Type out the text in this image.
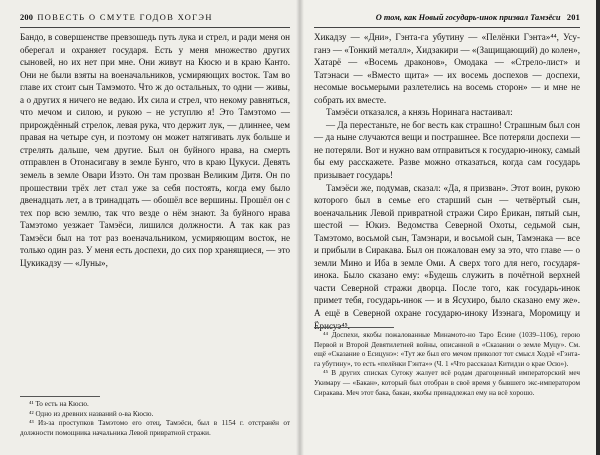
200 ПОВЕСТЬ О СМУТЕ ГОДОВ ХОГЭН

Бандо, в совершенстве превзошедь путь лука и стрел, и ради меня он оберегал и охраняет государя. Есть у меня множество других сыновей, но их нет при мне. Они живут на Кюсю и в краю Канто. Они не были взяты на военачальников, усмиряющих восток. Там во главе их стоит сын Тамэмото. Что ж до остальных, то одни — живы, а о других я ничего не ведаю. Их сила и стрел, что некому равняться, что мечом и силою, и рукою – не уступлю я! Это Тамэтомо — прирождённый стрелок, левая рука, что держит лук, — длиннее, чем правая на четыре сун, и поэтому он может натягивать лук больше и стрелять дальше, чем другие. Был он буйного нрава, на смерть отправлен в Отонасигаву в земле Бунго, что в краю Цукуси. Девять земель в земле Овари Изэто. Он там прозван Великим Дитя. Он по прошествии трёх лет стал уже за себя постоять, когда ему было двенадцать лет, а в тринадцать — обошёл все вершины. Прошёл он с тех пор всю землю, так что везде о нём знают. За буйного нрава Тамэтомо уезжает Тамэёси, лишился должности. А так как раз Тамэёси был на тот раз военачальником, усмиряющим восток, не только один раз. У меня есть доспехи, до сих пор хранящиеся, — это Цукикадзу — «Луны»,

⁴¹ То есть на Кюсю.

⁴² Одно из древних названий о-ва Кюсю.

⁴³ Из-за проступков Тамэтомо его отец, Тамэёси, был в 1154 г. отстранён от должности помощника начальника Левой привратной стражи.

О том, как Новый государь-инок призвал Тамэёси 201

Хикадзу — «Дни», Гэнта-га убутину — «Пелёнки Гэнта»⁴⁴, Усу-ганэ — «Тонкий металл», Хидзакири — «(Защищающий) до колен», Хатарё — «Восемь драконов», Омодака — «Стрело-лист» и Татэнаси — «Вместо щита» — их восемь доспехов — доспехи, несомые восьмерыми разлетелись на восемь сторон» — и мне не собрать их вместе.

Тамэёси отказался, а князь Норинага настаивал:

— Да перестаньте, не бог весть как страшно! Страшным был сон — да ныне случаются вещи и пострашнее. Все потеряли доспехи — не потеряли. Вот и нужно вам отправиться к государю-иноку, самый бы ему расскажете. Разве можно отказаться, когда сам государь призывает государь!

Тамэёси же, подумав, сказал: «Да, я призван». Этот воин, рукою которого был в семье его старший сын — четвёртый сын, военачальник Левой привратной стражи Сиро Ёрикан, пятый сын, шестой — Юкиэ. Ведомства Северной Охоты, седьмой сын, Тамэтомо, восьмой сын, Тамэнари, и восьмой сын, Тамэнака — все и прибыли в Сиракава. Был он пожалован ему за это, что главе — о земли Мино и Иба в земле Оми. А сверх того для него, государя-инока. Было сказано ему: «Будешь служить в почётной верхней части Северной стражи дворца. После того, как государь-инок примет тебя, государь-инок — и в Ясухиро, было сказано ему же». А ещё в Северной охране государю-иноку Изэнага, Моромицу и Ёрисуэ⁴⁵.

⁴⁴ Доспехи, якобы пожалованные Минамото-но Таро Ёсиие (1039–1106), герою Первой и Второй Девятилетней войны, описанной в «Сказании о земле Муцу». См. ещё «Сказание о Есицунэ»: «Тут же был его мечом приколот тот смысл Ходзё «Гэнта-га убутину», то есть «пелёнки Гэнта»» (Ч. 1 «Что рассказал Китидзи о крае Осю»).

⁴⁵ В других списках Сутоку жалует всё родам драгоценный императорский меч Укимару — «Бакан», который был отобран в своё время у бывшего экс-императором Сиракава. Меч этот бака, бакан, якобы принадлежал ему на всё хорошо.
